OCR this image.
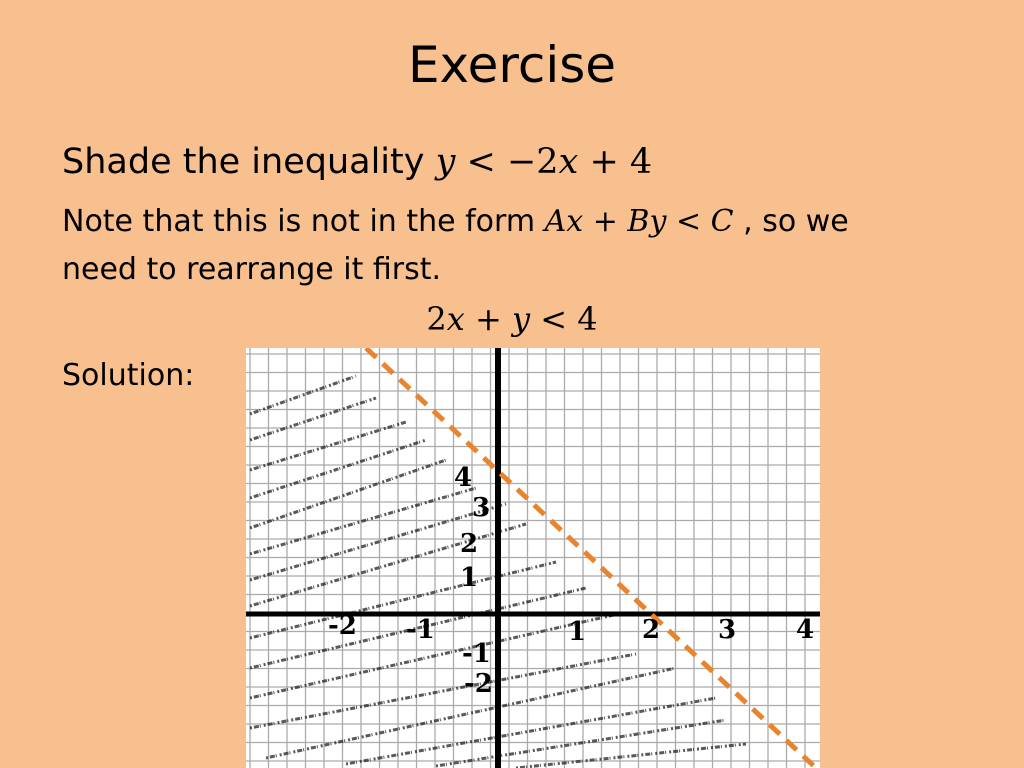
Exercise
Shade the inequality y < −2x + 4
Note that this is not in the form Ax + By < C , so we
need to rearrange it first.
2x + y < 4
Solution:
-2 -1	1 2 3 4
4
3
2
1
-1
-2
